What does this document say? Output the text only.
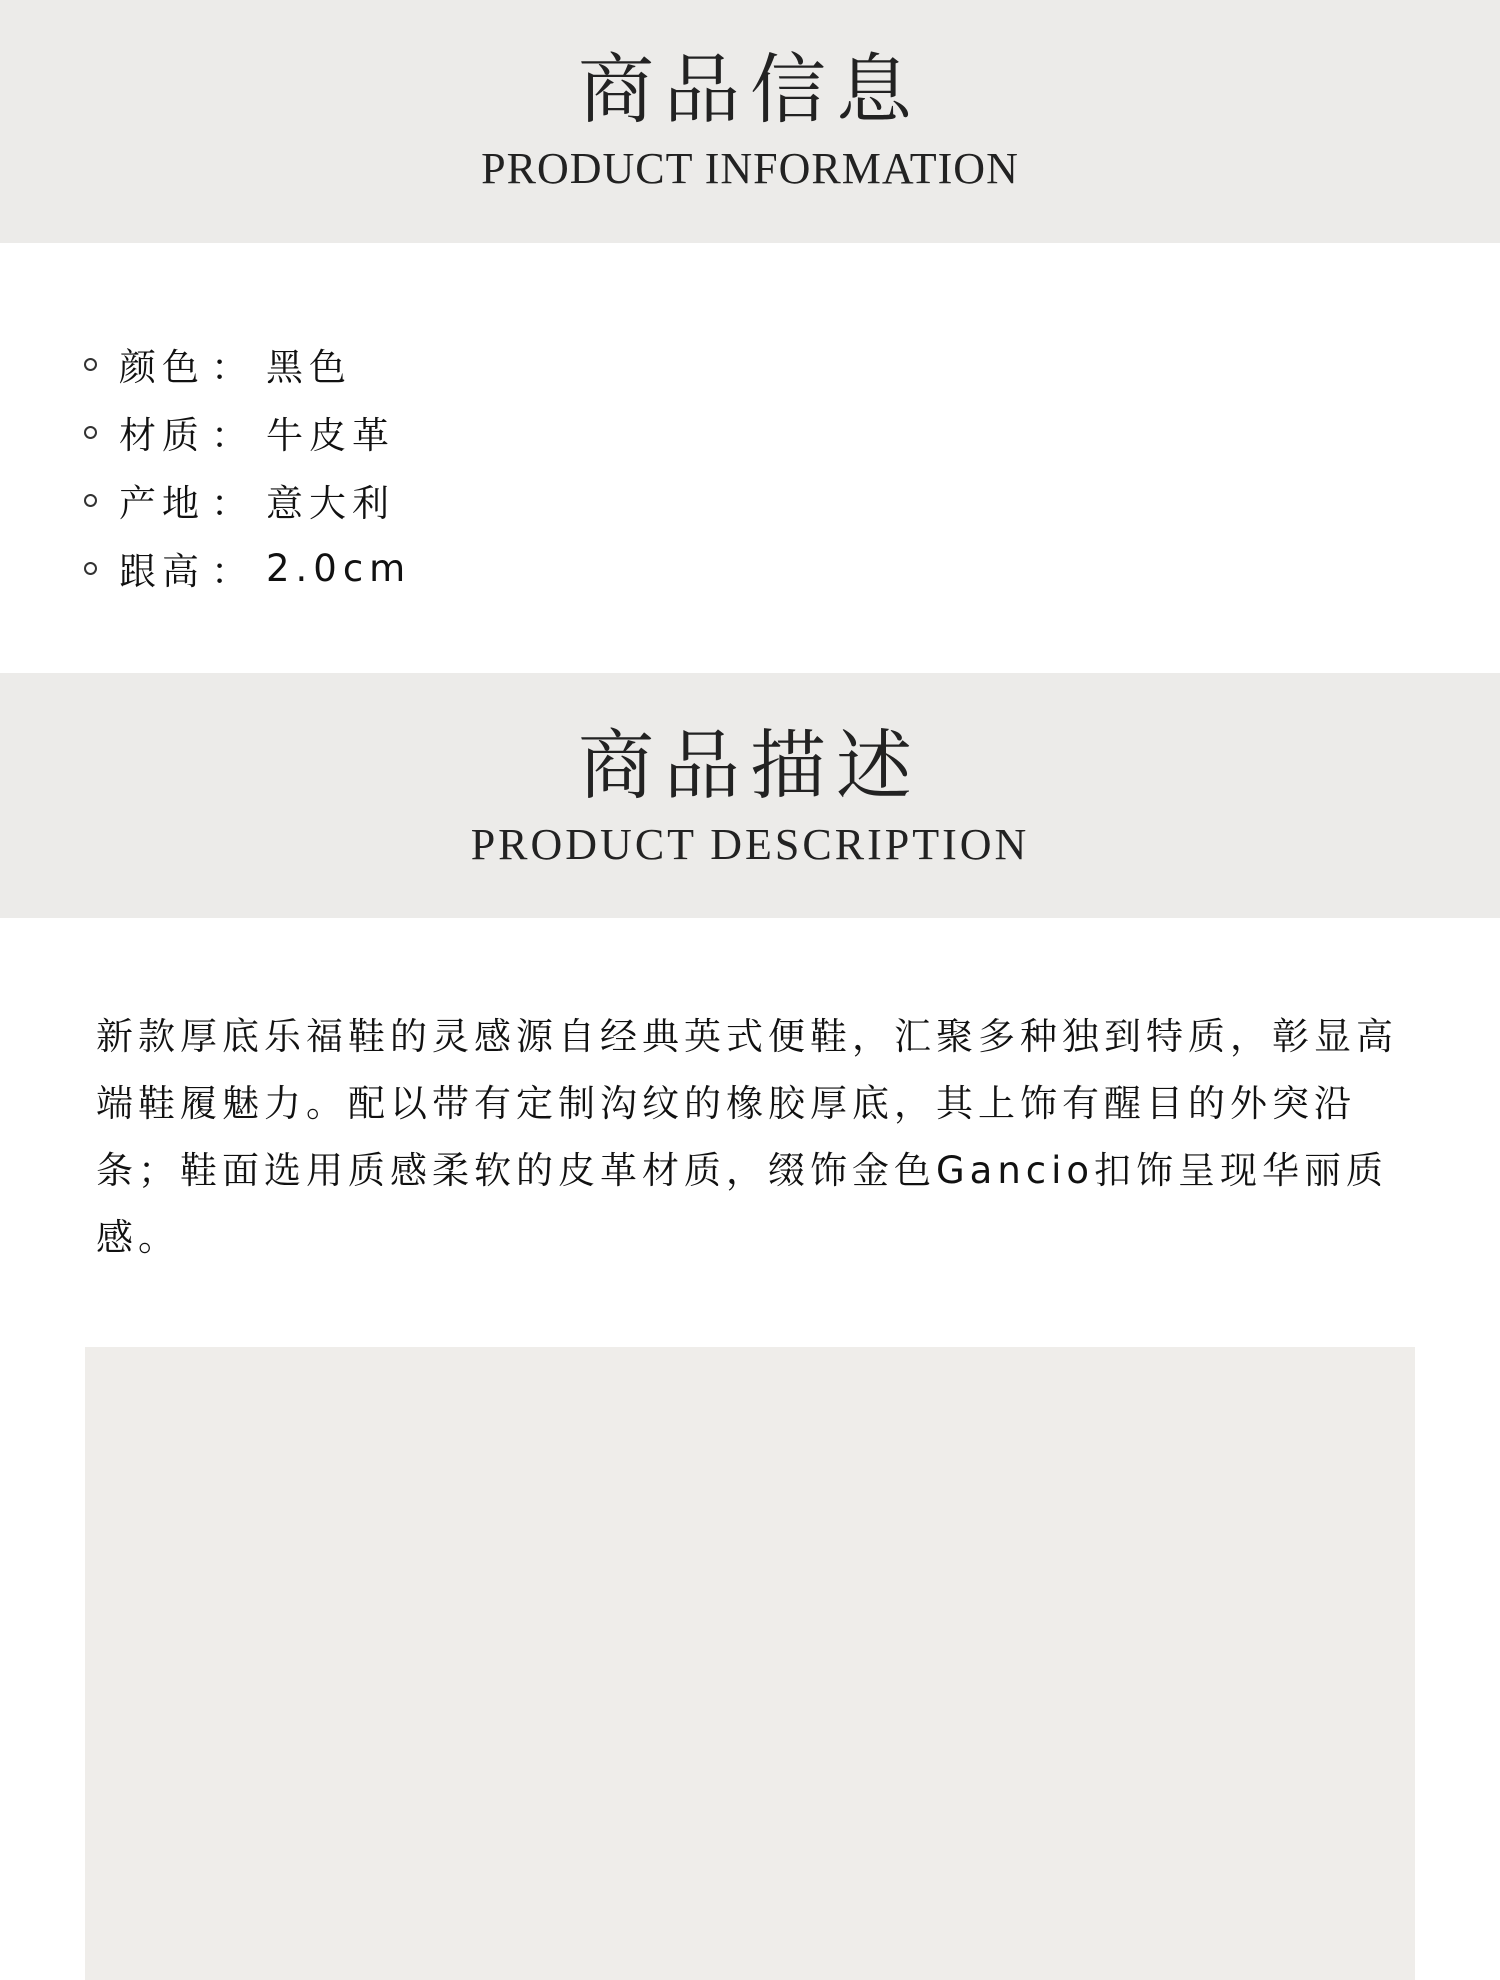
商品信息
PRODUCT INFORMATION
颜色 ： 黑色
材质 ： 牛皮革
产地 ： 意大利
跟高 ： 2.0cm
商品描述
PRODUCT DESCRIPTION

新款厚底乐福鞋的灵感源自经典英式便鞋，汇聚多种独到特质，彰显高端鞋履魅力。配以带有定制沟纹的橡胶厚底，其上饰有醒目的外突沿条；鞋面选用质感柔软的皮革材质，缀饰金色Gancio扣饰呈现华丽质感。
